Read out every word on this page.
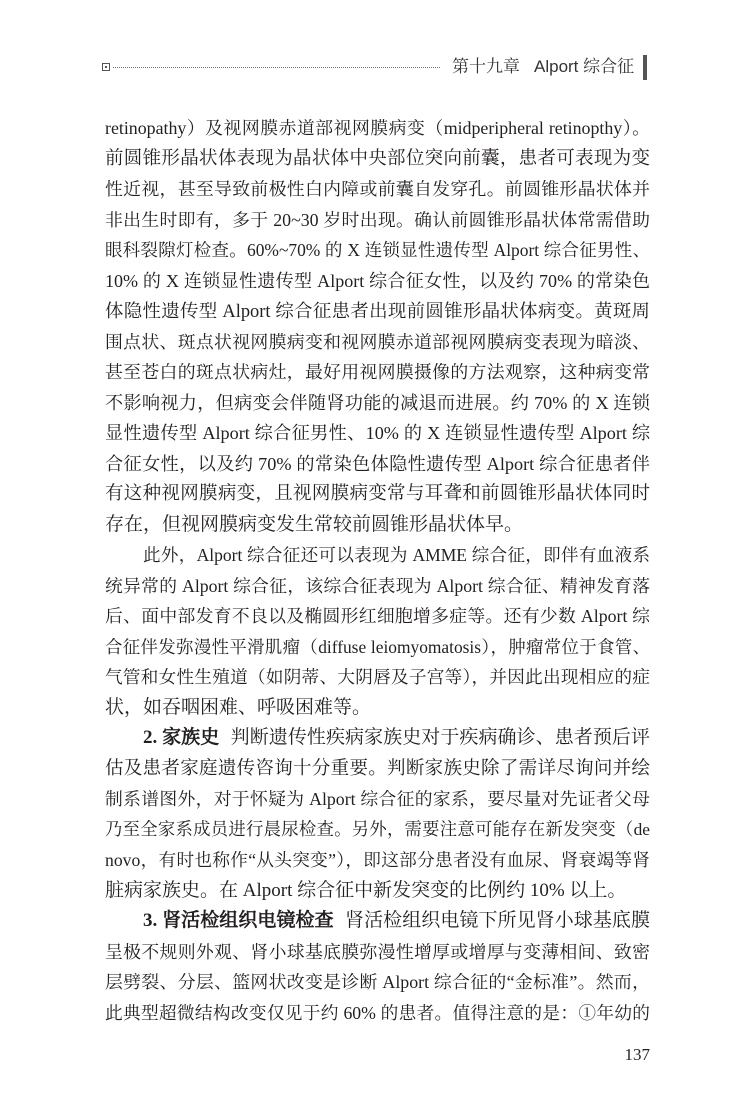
第十九章 Alport 综合征
retinopathy）及视网膜赤道部视网膜病变（midperipheral retinopthy）。
前圆锥形晶状体表现为晶状体中央部位突向前囊，患者可表现为变
性近视，甚至导致前极性白内障或前囊自发穿孔。前圆锥形晶状体并
非出生时即有，多于 20~30 岁时出现。确认前圆锥形晶状体常需借助
眼科裂隙灯检查。60%~70% 的 X 连锁显性遗传型 Alport 综合征男性、
10% 的 X 连锁显性遗传型 Alport 综合征女性，以及约 70% 的常染色
体隐性遗传型 Alport 综合征患者出现前圆锥形晶状体病变。黄斑周
围点状、斑点状视网膜病变和视网膜赤道部视网膜病变表现为暗淡、
甚至苍白的斑点状病灶，最好用视网膜摄像的方法观察，这种病变常
不影响视力，但病变会伴随肾功能的减退而进展。约 70% 的 X 连锁
显性遗传型 Alport 综合征男性、10% 的 X 连锁显性遗传型 Alport 综
合征女性，以及约 70% 的常染色体隐性遗传型 Alport 综合征患者伴
有这种视网膜病变，且视网膜病变常与耳聋和前圆锥形晶状体同时
存在，但视网膜病变发生常较前圆锥形晶状体早。
此外，Alport 综合征还可以表现为 AMME 综合征，即伴有血液系
统异常的 Alport 综合征，该综合征表现为 Alport 综合征、精神发育落
后、面中部发育不良以及椭圆形红细胞增多症等。还有少数 Alport 综
合征伴发弥漫性平滑肌瘤（diffuse leiomyomatosis），肿瘤常位于食管、
气管和女性生殖道（如阴蒂、大阴唇及子宫等），并因此出现相应的症
状，如吞咽困难、呼吸困难等。
2. 家族史 判断遗传性疾病家族史对于疾病确诊、患者预后评
估及患者家庭遗传咨询十分重要。判断家族史除了需详尽询问并绘
制系谱图外，对于怀疑为 Alport 综合征的家系，要尽量对先证者父母
乃至全家系成员进行晨尿检查。另外，需要注意可能存在新发突变（de
novo，有时也称作“从头突变”），即这部分患者没有血尿、肾衰竭等肾
脏病家族史。在 Alport 综合征中新发突变的比例约 10% 以上。
3. 肾活检组织电镜检查 肾活检组织电镜下所见肾小球基底膜
呈极不规则外观、肾小球基底膜弥漫性增厚或增厚与变薄相间、致密
层劈裂、分层、篮网状改变是诊断 Alport 综合征的“金标准”。然而，
此典型超微结构改变仅见于约 60% 的患者。值得注意的是：①年幼的
137
